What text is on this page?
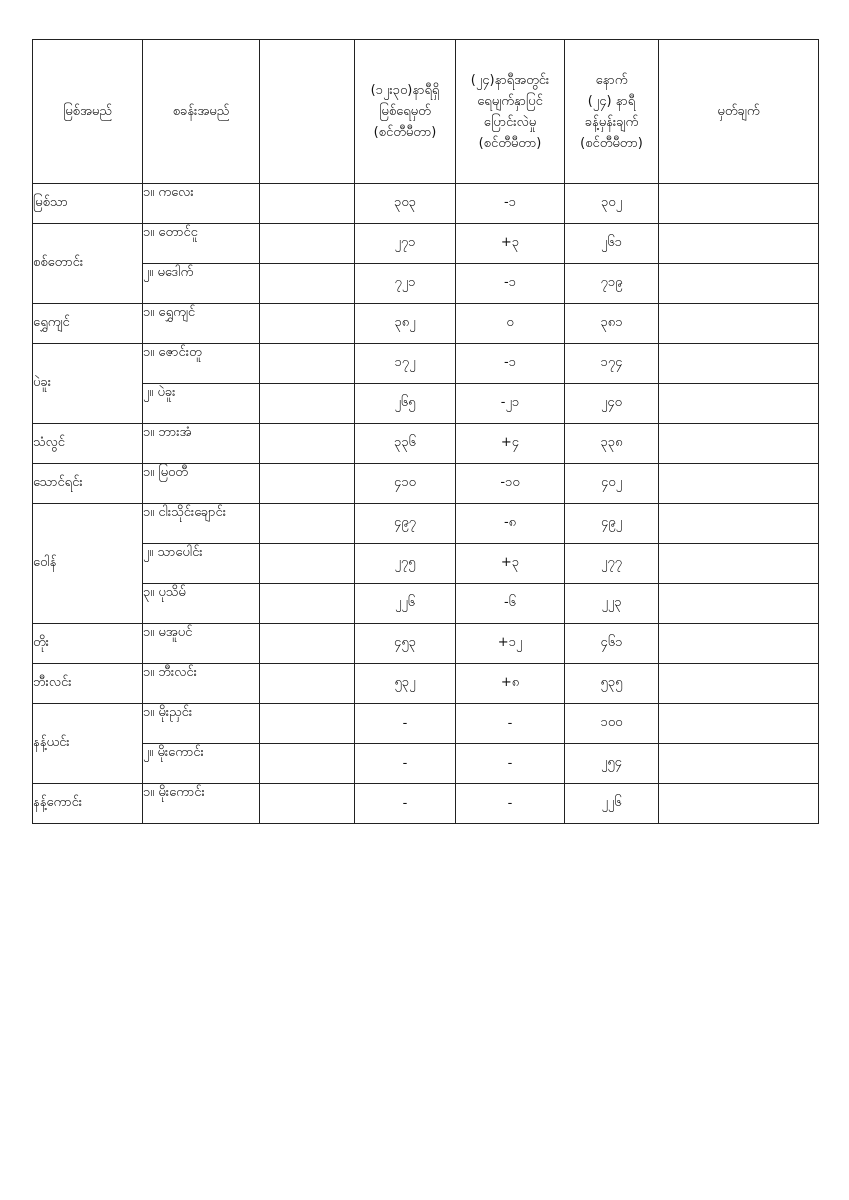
မြစ်အမည်	စခန်းအမည်		(၁၂း၃၀)နာရီရှိ
မြစ်ရေမှတ်
(စင်တီမီတာ)	(၂၄)နာရီအတွင်း
ရေမျက်နှာပြင်
ပြောင်းလဲမှု
(စင်တီမီတာ)	နောက်
(၂၄) နာရီ
ခန့်မှန်းချက်
(စင်တီမီတာ)	မှတ်ချက်
မြစ်သာ	၁။ ကလေး		၃၀၃	-၁	၃၀၂	
စစ်တောင်း	၁။ တောင်ငူ		၂၇၁	+၃	၂၆၁	
	၂။ မဒေါက်		၇၂၁	-၁	၇၁၉	
ရွှေကျင်	၁။ ရွှေကျင်		၃၈၂	၀	၃၈၁	
ပဲခူး	၁။ ဇောင်းတူ		၁၇၂	-၁	၁၇၄	
	၂။ ပဲခူး		၂၆၅	-၂၁	၂၄၀	
သံလွင်	၁။ ဘားအံ		၃၃၆	+၄	၃၃၈	
သောင်ရင်း	၁။ မြဝတီ		၄၁၀	-၁၀	၄၀၂	
ဝေါန်	၁။ ငါးသိုင်းချောင်း		၄၉၇	-၈	၄၉၂	
	၂။ သာပေါင်း		၂၇၅	+၃	၂၇၇	
	၃။ ပုသိမ်		၂၂၆	-၆	၂၂၃	
တိုး	၁။ မအူပင်		၄၅၃	+၁၂	၄၆၁	
ဘီးလင်း	၁။ ဘီးလင်း		၅၃၂	+၈	၅၃၅	
နန့်ယင်း	၁။ မိုးညှင်း		-	-	၁၀၀	
	၂။ မိုးကောင်း		-	-	၂၅၄	
နန့်ကောင်း	၁။ မိုးကောင်း		-	-	၂၂၆	
